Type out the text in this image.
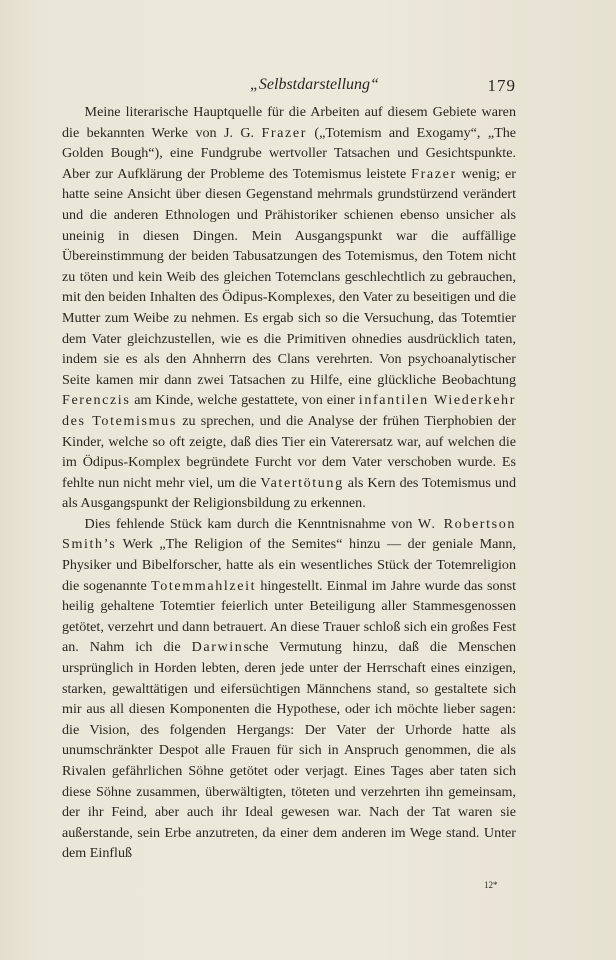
„Selbstdarstellung“	179

Meine literarische Hauptquelle für die Arbeiten auf diesem Gebiete waren die bekannten Werke von J. G. Frazer („Totemism and Exogamy“, „The Golden Bough“), eine Fundgrube wertvoller Tatsachen und Gesichtspunkte. Aber zur Aufklärung der Probleme des Totemismus leistete Frazer wenig; er hatte seine Ansicht über diesen Gegenstand mehrmals grundstürzend verändert und die anderen Ethnologen und Prähistoriker schienen ebenso unsicher als uneinig in diesen Dingen. Mein Ausgangspunkt war die auffällige Übereinstimmung der beiden Tabusatzungen des Totemismus, den Totem nicht zu töten und kein Weib des gleichen Totemclans geschlechtlich zu gebrauchen, mit den beiden Inhalten des Ödipus-Komplexes, den Vater zu beseitigen und die Mutter zum Weibe zu nehmen. Es ergab sich so die Versuchung, das Totemtier dem Vater gleichzustellen, wie es die Primitiven ohnedies ausdrücklich taten, indem sie es als den Ahnherrn des Clans verehrten. Von psychoanalytischer Seite kamen mir dann zwei Tatsachen zu Hilfe, eine glückliche Beobachtung Ferenczis am Kinde, welche gestattete, von einer infantilen Wiederkehr des Totemismus zu sprechen, und die Analyse der frühen Tierphobien der Kinder, welche so oft zeigte, daß dies Tier ein Vaterersatz war, auf welchen die im Ödipus-Komplex begründete Furcht vor dem Vater verschoben wurde. Es fehlte nun nicht mehr viel, um die Vatertötung als Kern des Totemismus und als Ausgangspunkt der Religionsbildung zu erkennen.

Dies fehlende Stück kam durch die Kenntnisnahme von W. Robertson Smith’s Werk „The Religion of the Semites“ hinzu — der geniale Mann, Physiker und Bibelforscher, hatte als ein wesentliches Stück der Totemreligion die sogenannte Totemmahlzeit hingestellt. Einmal im Jahre wurde das sonst heilig gehaltene Totemtier feierlich unter Beteiligung aller Stammesgenossen getötet, verzehrt und dann betrauert. An diese Trauer schloß sich ein großes Fest an. Nahm ich die Darwinsche Vermutung hinzu, daß die Menschen ursprünglich in Horden lebten, deren jede unter der Herrschaft eines einzigen, starken, gewalttätigen und eifersüchtigen Männchens stand, so gestaltete sich mir aus all diesen Komponenten die Hypothese, oder ich möchte lieber sagen: die Vision, des folgenden Hergangs: Der Vater der Urhorde hatte als unumschränkter Despot alle Frauen für sich in Anspruch genommen, die als Rivalen gefährlichen Söhne getötet oder verjagt. Eines Tages aber taten sich diese Söhne zusammen, überwältigten, töteten und verzehrten ihn gemeinsam, der ihr Feind, aber auch ihr Ideal gewesen war. Nach der Tat waren sie außerstande, sein Erbe anzutreten, da einer dem anderen im Wege stand. Unter dem Einfluß

12*
